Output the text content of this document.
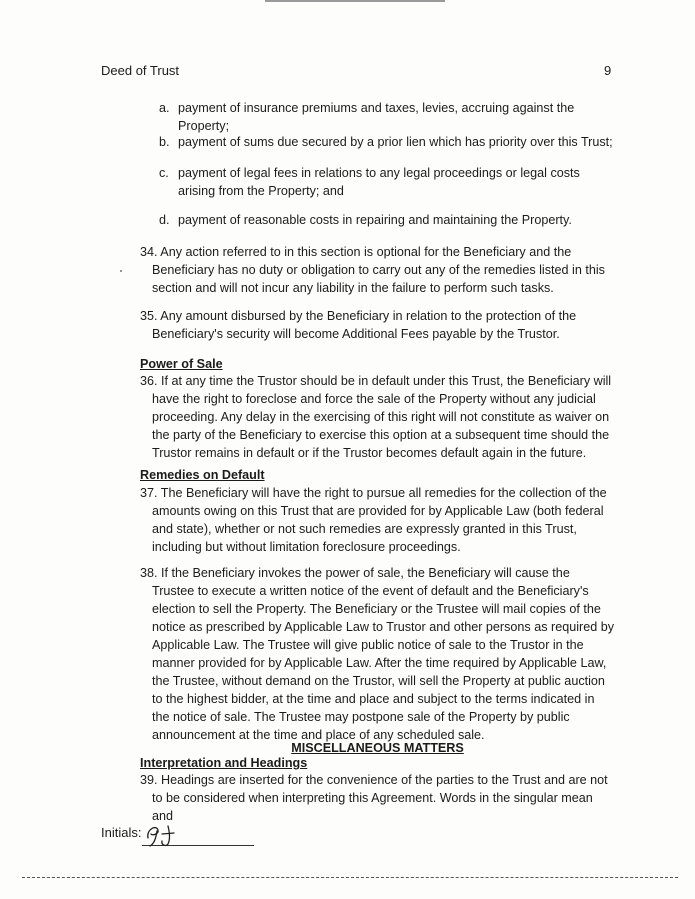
Deed of Trust	9
a. payment of insurance premiums and taxes, levies, accruing against the Property;
b. payment of sums due secured by a prior lien which has priority over this Trust;
c. payment of legal fees in relations to any legal proceedings or legal costs arising from the Property; and
d. payment of reasonable costs in repairing and maintaining the Property.
34. Any action referred to in this section is optional for the Beneficiary and the Beneficiary has no duty or obligation to carry out any of the remedies listed in this section and will not incur any liability in the failure to perform such tasks.
35. Any amount disbursed by the Beneficiary in relation to the protection of the Beneficiary's security will become Additional Fees payable by the Trustor.
Power of Sale
36. If at any time the Trustor should be in default under this Trust, the Beneficiary will have the right to foreclose and force the sale of the Property without any judicial proceeding. Any delay in the exercising of this right will not constitute as waiver on the party of the Beneficiary to exercise this option at a subsequent time should the Trustor remains in default or if the Trustor becomes default again in the future.
Remedies on Default
37. The Beneficiary will have the right to pursue all remedies for the collection of the amounts owing on this Trust that are provided for by Applicable Law (both federal and state), whether or not such remedies are expressly granted in this Trust, including but without limitation foreclosure proceedings.
38. If the Beneficiary invokes the power of sale, the Beneficiary will cause the Trustee to execute a written notice of the event of default and the Beneficiary's election to sell the Property. The Beneficiary or the Trustee will mail copies of the notice as prescribed by Applicable Law to Trustor and other persons as required by Applicable Law. The Trustee will give public notice of sale to the Trustor in the manner provided for by Applicable Law. After the time required by Applicable Law, the Trustee, without demand on the Trustor, will sell the Property at public auction to the highest bidder, at the time and place and subject to the terms indicated in the notice of sale. The Trustee may postpone sale of the Property by public announcement at the time and place of any scheduled sale.
MISCELLANEOUS MATTERS
Interpretation and Headings
39. Headings are inserted for the convenience of the parties to the Trust and are not to be considered when interpreting this Agreement. Words in the singular mean and
Initials:
